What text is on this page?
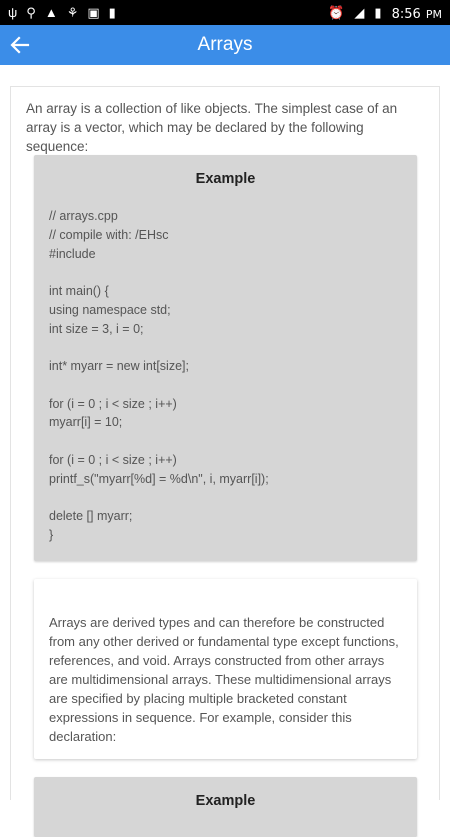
ψ ⚲ ▲ ⚘ ▣ ▮	⏰ ◢ ▮ 8:56 PM
Arrays
An array is a collection of like objects. The simplest case of an array is a vector, which may be declared by the following sequence:
Example
// arrays.cpp
// compile with: /EHsc
#include

int main() {
using namespace std;
int size = 3, i = 0;

int* myarr = new int[size];

for (i = 0 ; i < size ; i++)
myarr[i] = 10;

for (i = 0 ; i < size ; i++)
printf_s("myarr[%d] = %d\n", i, myarr[i]);

delete [] myarr;
}
Arrays are derived types and can therefore be constructed from any other derived or fundamental type except functions, references, and void. Arrays constructed from other arrays are multidimensional arrays. These multidimensional arrays are specified by placing multiple bracketed constant expressions in sequence. For example, consider this declaration:
Example
